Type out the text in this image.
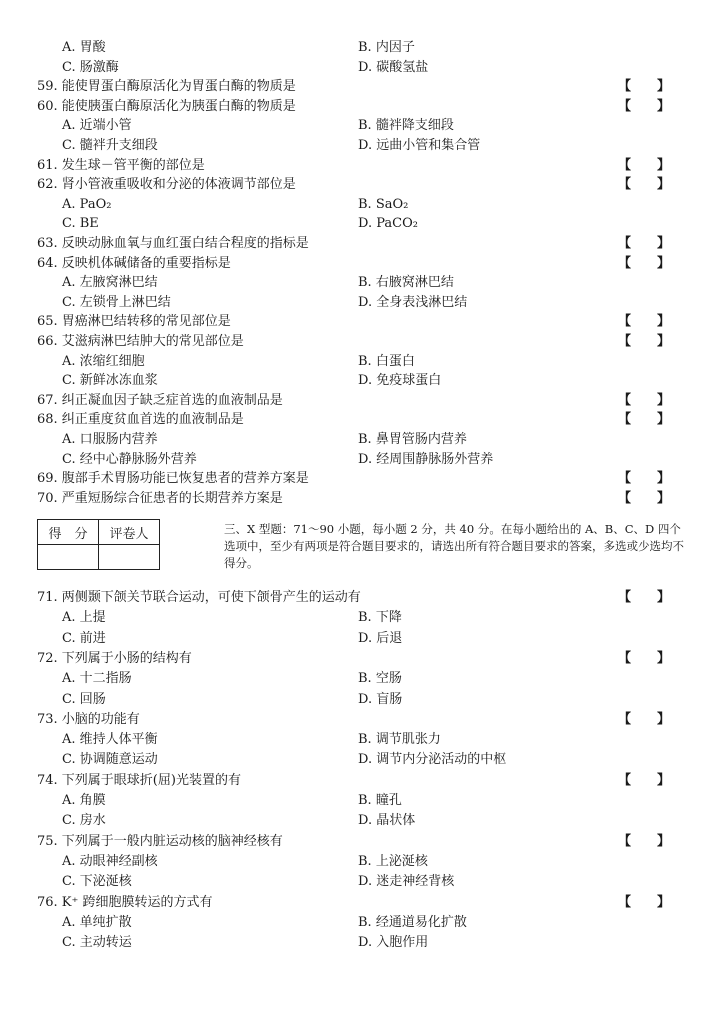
得　分	评卷人
		三、X 型题：71～90 小题，每小题 2 分，共 40 分。在每小题给出的 A、B、C、D 四个选项中，至少有两项是符合题目要求的，请选出所有符合题目要求的答案，多选或少选均不得分。
A. 胃酸	B. 内因子
C. 肠激酶	D. 碳酸氢盐
59. 能使胃蛋白酶原活化为胃蛋白酶的物质是	【 】
60. 能使胰蛋白酶原活化为胰蛋白酶的物质是	【 】
A. 近端小管	B. 髓袢降支细段
C. 髓袢升支细段	D. 远曲小管和集合管
61. 发生球－管平衡的部位是	【 】
62. 肾小管液重吸收和分泌的体液调节部位是	【 】
A. PaO₂	B. SaO₂
C. BE	D. PaCO₂
63. 反映动脉血氧与血红蛋白结合程度的指标是	【 】
64. 反映机体碱储备的重要指标是	【 】
A. 左腋窝淋巴结	B. 右腋窝淋巴结
C. 左锁骨上淋巴结	D. 全身表浅淋巴结
65. 胃癌淋巴结转移的常见部位是	【 】
66. 艾滋病淋巴结肿大的常见部位是	【 】
A. 浓缩红细胞	B. 白蛋白
C. 新鲜冰冻血浆	D. 免疫球蛋白
67. 纠正凝血因子缺乏症首选的血液制品是	【 】
68. 纠正重度贫血首选的血液制品是	【 】
A. 口服肠内营养	B. 鼻胃管肠内营养
C. 经中心静脉肠外营养	D. 经周围静脉肠外营养
69. 腹部手术胃肠功能已恢复患者的营养方案是	【 】
70. 严重短肠综合征患者的长期营养方案是	【 】
71. 两侧颞下颌关节联合运动，可使下颌骨产生的运动有	【 】
A. 上提	B. 下降
C. 前进	D. 后退
72. 下列属于小肠的结构有	【 】
A. 十二指肠	B. 空肠
C. 回肠	D. 盲肠
73. 小脑的功能有	【 】
A. 维持人体平衡	B. 调节肌张力
C. 协调随意运动	D. 调节内分泌活动的中枢
74. 下列属于眼球折(屈)光装置的有	【 】
A. 角膜	B. 瞳孔
C. 房水	D. 晶状体
75. 下列属于一般内脏运动核的脑神经核有	【 】
A. 动眼神经副核	B. 上泌涎核
C. 下泌涎核	D. 迷走神经背核
76. K⁺ 跨细胞膜转运的方式有	【 】
A. 单纯扩散	B. 经通道易化扩散
C. 主动转运	D. 入胞作用
